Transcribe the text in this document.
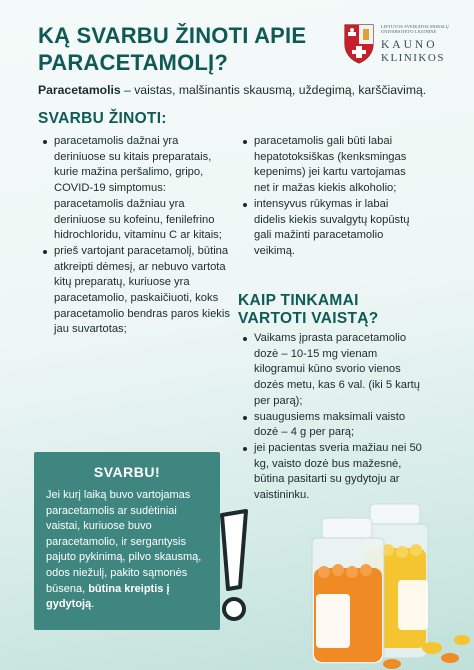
KĄ SVARBU ŽINOTI APIE PARACETAMOLĮ?
LIETUVOS SVEIKATOS MOKSLŲ UNIVERSITETO LIGONINĖ
KAUNO
KLINIKOS

Paracetamolis – vaistas, malšinantis skausmą, uždegimą, karščiavimą.

SVARBU ŽINOTI:
paracetamolis dažnai yra deriniuose su kitais preparatais, kurie mažina peršalimo, gripo, COVID-19 simptomus: paracetamolis dažniau yra deriniuose su kofeinu, fenilefrino hidrochloridu, vitaminu C ar kitais;
prieš vartojant paracetamolį, būtina atkreipti dėmesį, ar nebuvo vartota kitų preparatų, kuriuose yra paracetamolio, paskaičiuoti, koks paracetamolio bendras paros kiekis jau suvartotas;
paracetamolis gali būti labai hepatotoksiškas (kenksmingas kepenims) jei kartu vartojamas net ir mažas kiekis alkoholio;
intensyvus rūkymas ir labai didelis kiekis suvalgytų kopūstų gali mažinti paracetamolio veikimą.
KAIP TINKAMAI VARTOTI VAISTĄ?
Vaikams įprasta paracetamolio dozė – 10-15 mg vienam kilogramui kūno svorio vienos dozės metu, kas 6 val. (iki 5 kartų per parą);
suaugusiems maksimali vaisto dozė – 4 g per parą;
jei pacientas sveria mažiau nei 50 kg, vaisto dozė bus mažesnė, būtina pasitarti su gydytoju ar vaistininku.
SVARBU!

Jei kurį laiką buvo vartojamas paracetamolis ar sudėtiniai vaistai, kuriuose buvo paracetamolio, ir sergantysis pajuto pykinimą, pilvo skausmą, odos niežulį, pakito sąmonės būsena, būtina kreiptis į gydytoją.
